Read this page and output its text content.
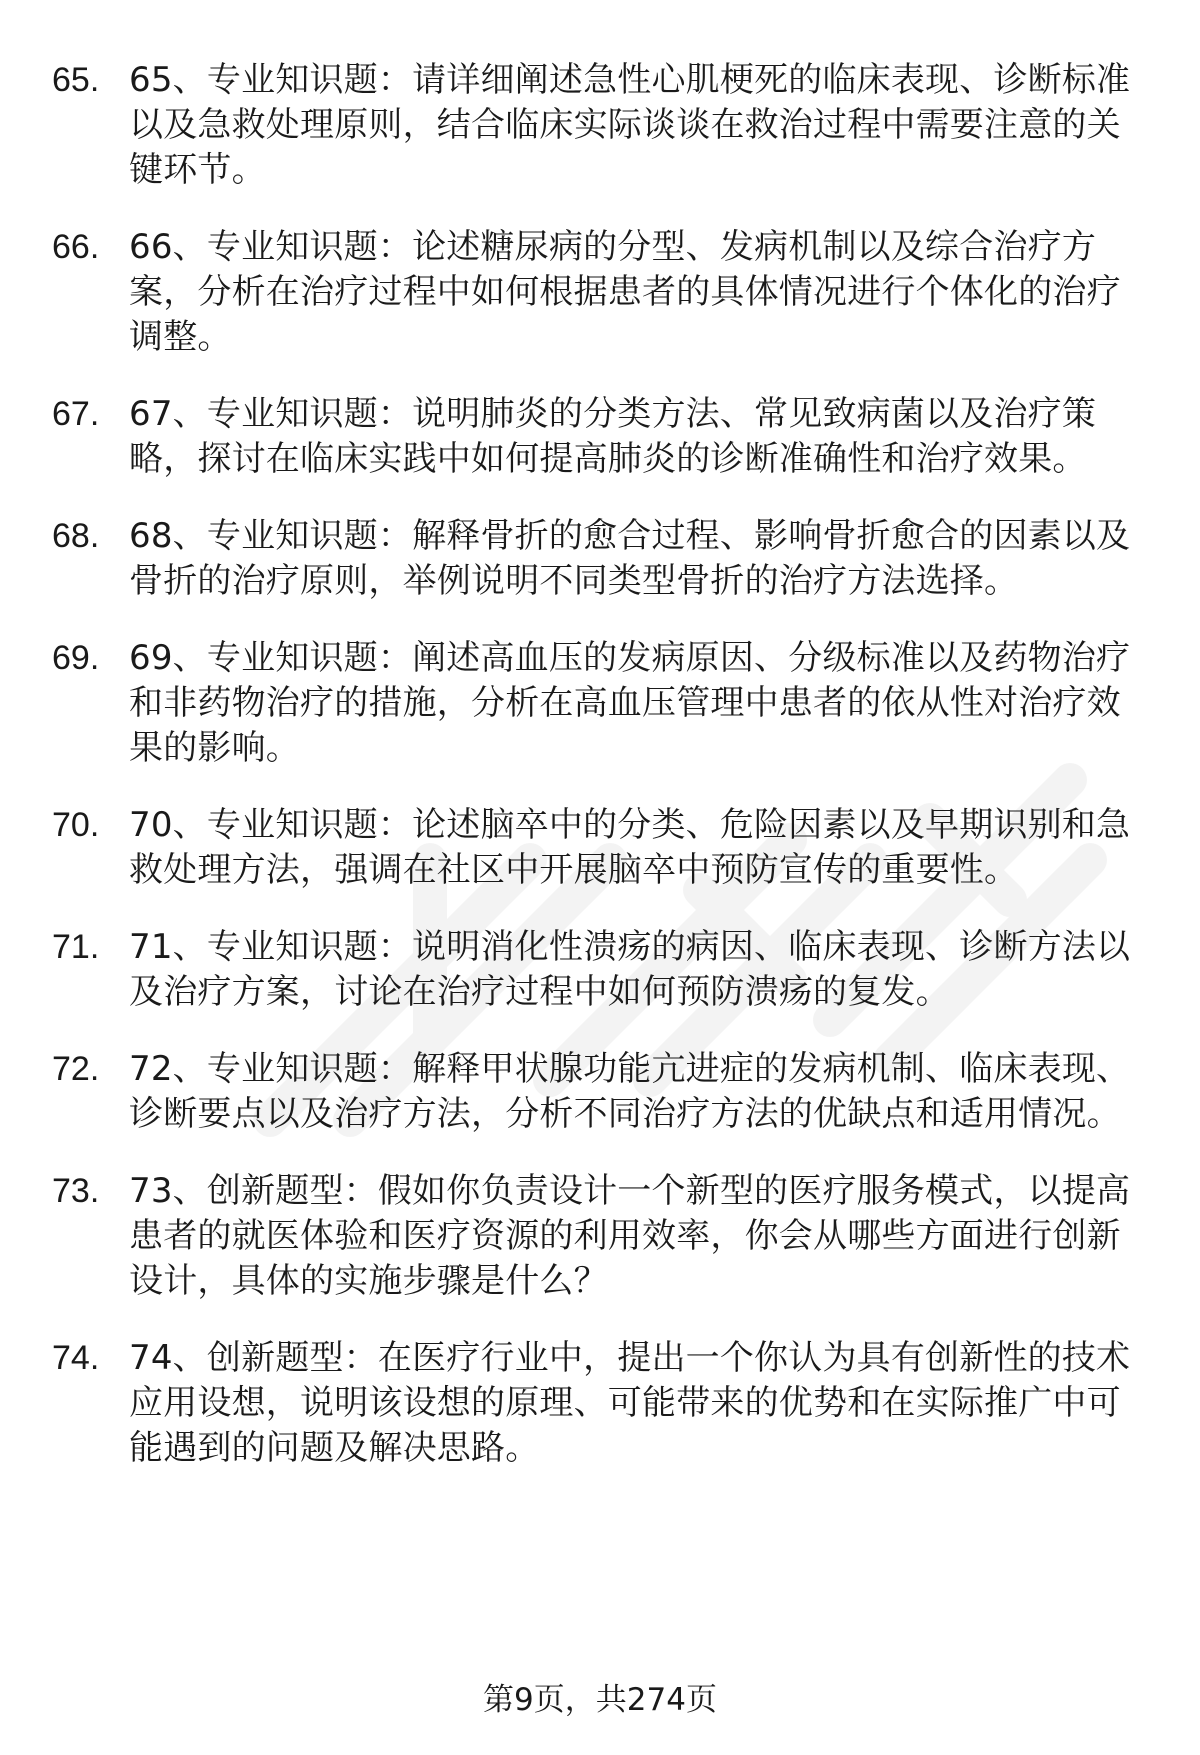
65. 65、专业知识题：请详细阐述急性心肌梗死的临床表现、诊断标准以及急救处理原则，结合临床实际谈谈在救治过程中需要注意的关键环节。
66. 66、专业知识题：论述糖尿病的分型、发病机制以及综合治疗方案，分析在治疗过程中如何根据患者的具体情况进行个体化的治疗调整。
67. 67、专业知识题：说明肺炎的分类方法、常见致病菌以及治疗策略，探讨在临床实践中如何提高肺炎的诊断准确性和治疗效果。
68. 68、专业知识题：解释骨折的愈合过程、影响骨折愈合的因素以及骨折的治疗原则，举例说明不同类型骨折的治疗方法选择。
69. 69、专业知识题：阐述高血压的发病原因、分级标准以及药物治疗和非药物治疗的措施，分析在高血压管理中患者的依从性对治疗效果的影响。
70. 70、专业知识题：论述脑卒中的分类、危险因素以及早期识别和急救处理方法，强调在社区中开展脑卒中预防宣传的重要性。
71. 71、专业知识题：说明消化性溃疡的病因、临床表现、诊断方法以及治疗方案，讨论在治疗过程中如何预防溃疡的复发。
72. 72、专业知识题：解释甲状腺功能亢进症的发病机制、临床表现、诊断要点以及治疗方法，分析不同治疗方法的优缺点和适用情况。
73. 73、创新题型：假如你负责设计一个新型的医疗服务模式，以提高患者的就医体验和医疗资源的利用效率，你会从哪些方面进行创新设计，具体的实施步骤是什么？
74. 74、创新题型：在医疗行业中，提出一个你认为具有创新性的技术应用设想，说明该设想的原理、可能带来的优势和在实际推广中可能遇到的问题及解决思路。
第9页，共274页
